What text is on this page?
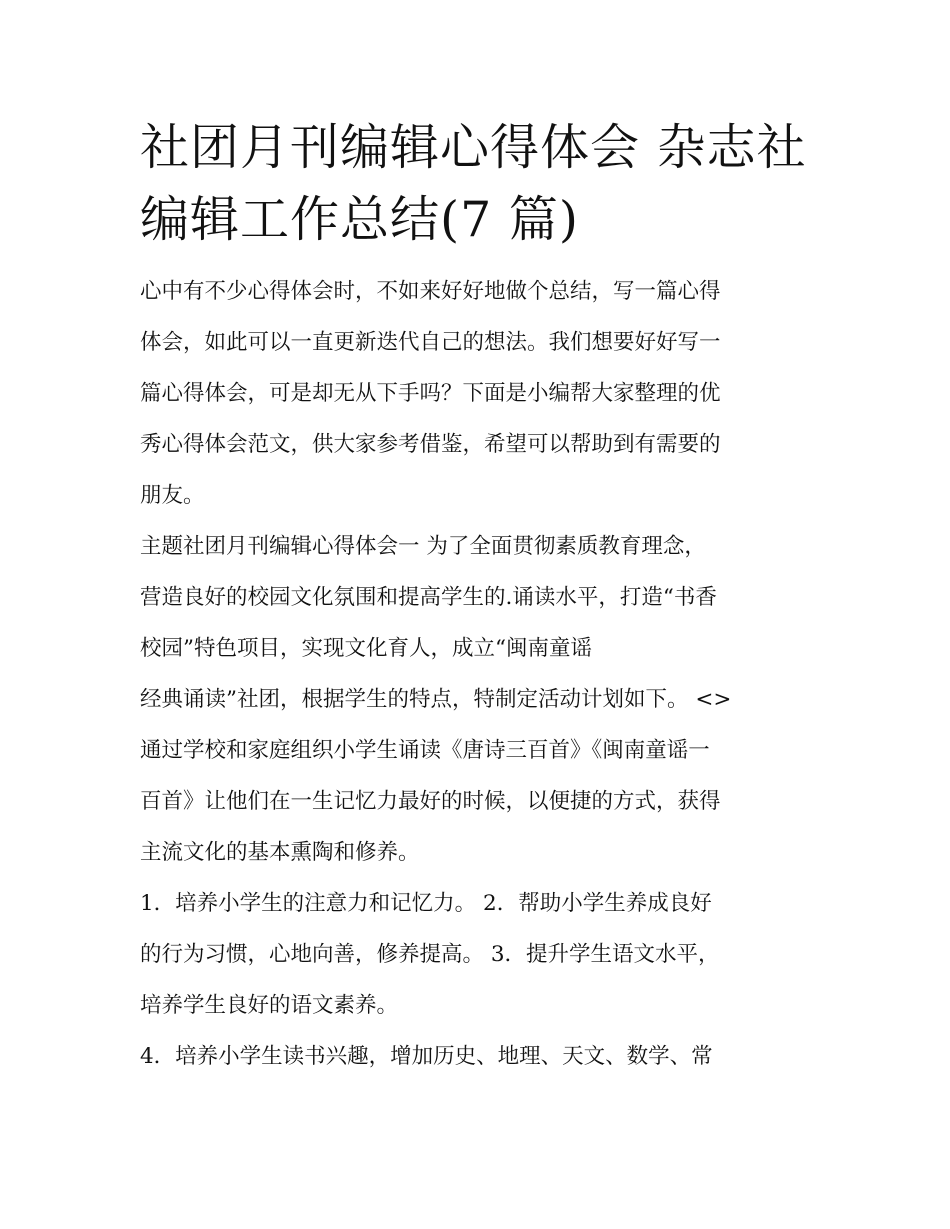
社团月刊编辑心得体会 杂志社
编辑工作总结(7 篇)

心中有不少心得体会时，不如来好好地做个总结，写一篇心得
体会，如此可以一直更新迭代自己的想法。我们想要好好写一
篇心得体会，可是却无从下手吗？下面是小编帮大家整理的优
秀心得体会范文，供大家参考借鉴，希望可以帮助到有需要的
朋友。

主题社团月刊编辑心得体会一 为了全面贯彻素质教育理念，
营造良好的校园文化氛围和提高学生的.诵读水平，打造“书香
校园”特色项目，实现文化育人，成立“闽南童谣
经典诵读”社团，根据学生的特点，特制定活动计划如下。 <>
通过学校和家庭组织小学生诵读《唐诗三百首》《闽南童谣一
百首》让他们在一生记忆力最好的时候，以便捷的方式，获得
主流文化的基本熏陶和修养。

1．培养小学生的注意力和记忆力。 2．帮助小学生养成良好
的行为习惯，心地向善，修养提高。 3．提升学生语文水平，
培养学生良好的语文素养。

4．培养小学生读书兴趣，增加历史、地理、天文、数学、常
